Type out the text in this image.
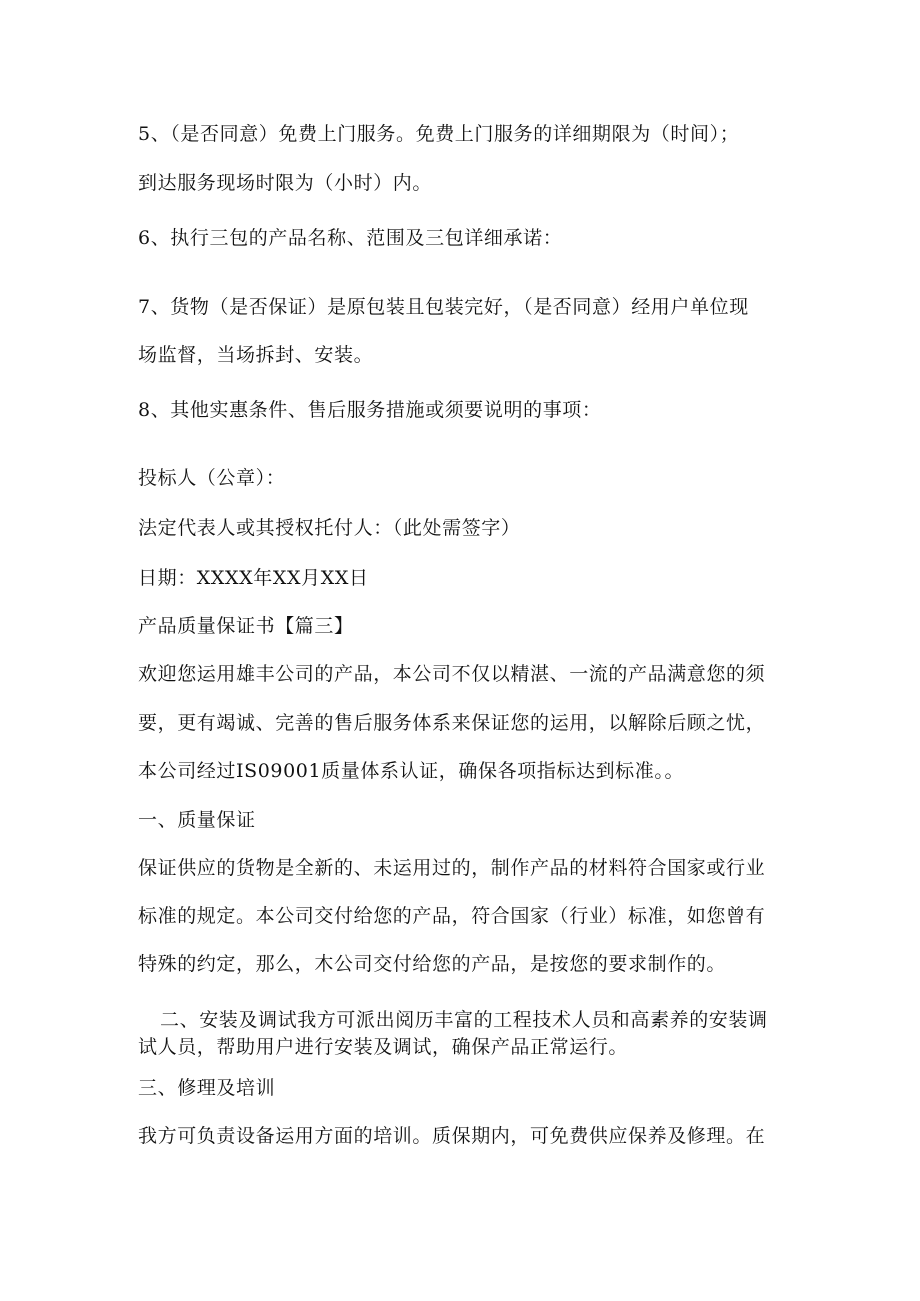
5、（是否同意）免费上门服务。免费上门服务的详细期限为（时间）；
到达服务现场时限为（小时）内。
6、执行三包的产品名称、范围及三包详细承诺：
7、货物（是否保证）是原包装且包装完好，（是否同意）经用户单位现
场监督，当场拆封、安装。
8、其他实惠条件、售后服务措施或须要说明的事项：
投标人（公章）：
法定代表人或其授权托付人：（此处需签字）
日期：XXXX年XX月XX日
产品质量保证书【篇三】
欢迎您运用雄丰公司的产品，本公司不仅以精湛、一流的产品满意您的须
要，更有竭诚、完善的售后服务体系来保证您的运用，以解除后顾之忧，
本公司经过IS09001质量体系认证，确保各项指标达到标准。。
一、质量保证
保证供应的货物是全新的、未运用过的，制作产品的材料符合国家或行业
标准的规定。本公司交付给您的产品，符合国家（行业）标准，如您曾有
特殊的约定，那么，木公司交付给您的产品，是按您的要求制作的。
二、安装及调试我方可派出阅历丰富的工程技术人员和高素养的安装调
试人员，帮助用户进行安装及调试，确保产品正常运行。
三、修理及培训
我方可负责设备运用方面的培训。质保期内，可免费供应保养及修理。在
